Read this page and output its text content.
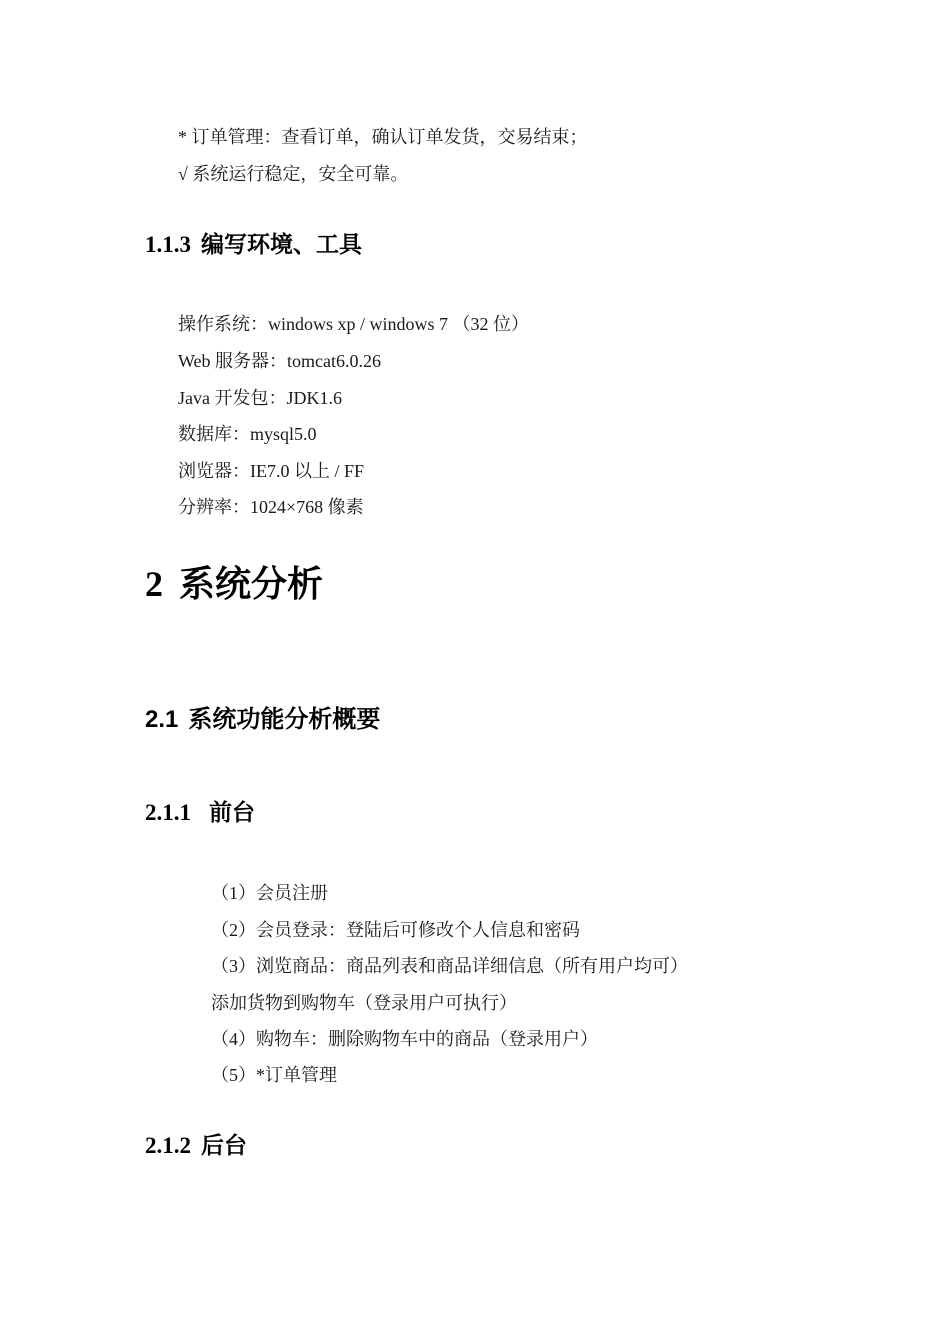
* 订单管理：查看订单，确认订单发货，交易结束；
√ 系统运行稳定，安全可靠。
1.1.3 编写环境、工具
操作系统：windows xp / windows 7 （32 位）
Web 服务器：tomcat6.0.26
Java 开发包：JDK1.6
数据库：mysql5.0
浏览器：IE7.0 以上 / FF
分辨率：1024×768 像素
2 系统分析
2.1 系统功能分析概要
2.1.1 前台
（1）会员注册
（2）会员登录：登陆后可修改个人信息和密码
（3）浏览商品：商品列表和商品详细信息（所有用户均可）
添加货物到购物车（登录用户可执行）
（4）购物车：删除购物车中的商品（登录用户）
（5）*订单管理
2.1.2 后台
